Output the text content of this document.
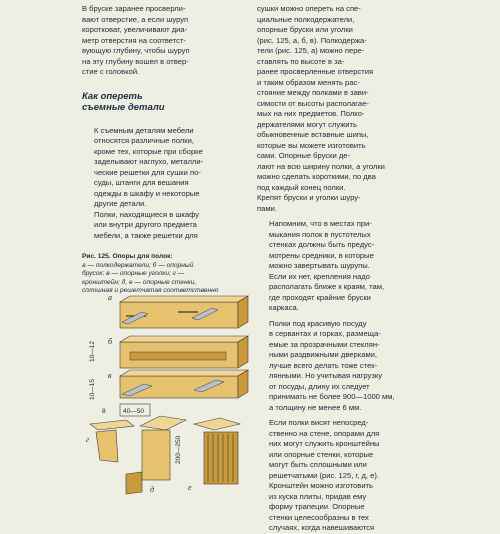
В бруске заранее просверли-
вают отверстие, а если шуруп
коротковат, увеличивают диа-
метр отверстия на соответст-
вующую глубину, чтобы шуруп
на эту глубину вошел в отвер-
стие с головкой.

Как оперeть
съемные детали

К съемным деталям мебели
относятся различные полки,
кроме тех, которые при сборке
заделывают наглухо, металли-
ческие решетки для сушки по-
суды, штанги для вешания
одежды в шкафу и некоторые
другие детали.

Полки, находящиеся в шкафу
или внутри другого предмета
мебели, а также решетки для

Рис. 125. Опоры для полок:
а — полкодержатели; б — опорный
брусок; в — опорные уголки; г —
кронштейн; д, е — опорные стенки,
сплошная и решетчатая соответственно
а
10—12 б
10—15
в
40—50
8
г	200—250
д	е

сушки можно опереть на спе-
циальные полкодержатели,
опорные бруски или уголки
(рис. 125, а, б, в). Полкодержа-
тели (рис. 125, а) можно пере-
ставлять по высоте в за-
ранее просверленные отверстия
и таким образом менять рас-
стояние между полками в зави-
симости от высоты располагае-
мых на них предметов. Полко-
держателями могут служить
обыкновенные вставные шипы,
которые вы можете изготовить
сами. Опорные бруски де-
лают на всю ширину полки, а уголки
можно сделать короткими, по два
под каждый конец полки.
Крепят бруски и уголки шуру-
пами.

Напомним, что в местах при-
мыкания полок в пустотелых
стенках должны быть предус-
мотрены средники, в которые
можно завертывать шурупы.
Если их нет, крепления надо
располагать ближе к краям, там,
где проходят крайние бруски
каркаса.

Полки под красивую посуду
в сервантах и горках, размеща-
емые за прозрачными стеклян-
ными раздвижными дверками,
лучше всего делать тоже стек-
лянными. Но учитывая нагрузку
от посуды, длину их следует
принимать не более 900—1000 мм,
а толщину не менее 6 мм.

Если полки висят непосред-
ственно на стене, опорами для
них могут служить кронштейны
или опорные стенки, которые
могут быть сплошными или
решетчатыми (рис. 125, г, д, е).
Кронштейн можно изготовить
из куска плиты, придав ему
форму трапеции. Опорные
стенки целесообразны в тех
случаях, когда навешиваются
